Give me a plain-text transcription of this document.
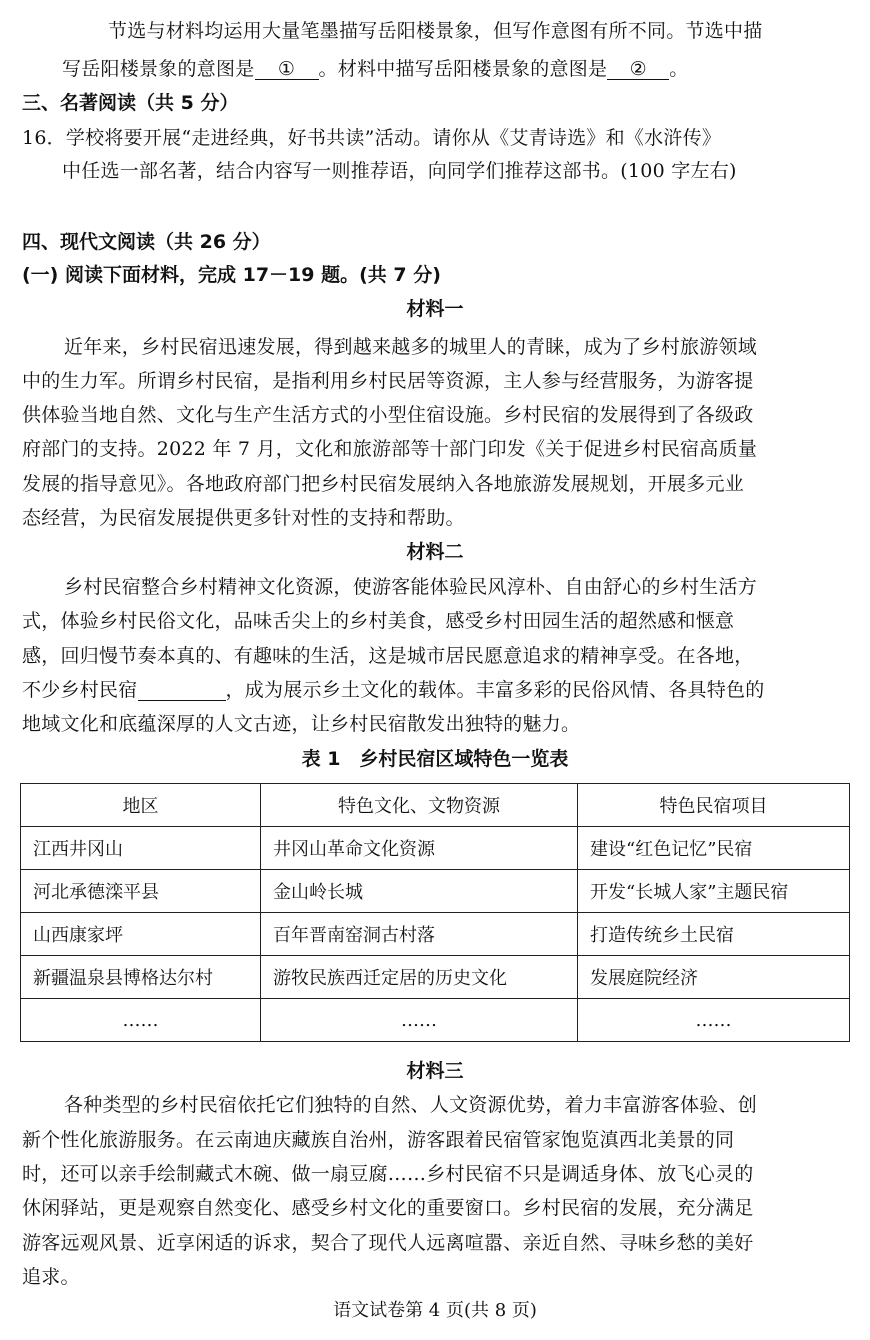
节选与材料均运用大量笔墨描写岳阳楼景象，但写作意图有所不同。节选中描
写岳阳楼景象的意图是 ① 。材料中描写岳阳楼景象的意图是 ② 。
三、名著阅读（共 5 分）
16．学校将要开展“走进经典，好书共读”活动。请你从《艾青诗选》和《水浒传》
中任选一部名著，结合内容写一则推荐语，向同学们推荐这部书。(100 字左右)
四、现代文阅读（共 26 分）
(一) 阅读下面材料，完成 17－19 题。(共 7 分)
材料一
近年来，乡村民宿迅速发展，得到越来越多的城里人的青睐，成为了乡村旅游领域
中的生力军。所谓乡村民宿，是指利用乡村民居等资源，主人参与经营服务，为游客提
供体验当地自然、文化与生产生活方式的小型住宿设施。乡村民宿的发展得到了各级政
府部门的支持。2022 年 7 月，文化和旅游部等十部门印发《关于促进乡村民宿高质量
发展的指导意见》。各地政府部门把乡村民宿发展纳入各地旅游发展规划，开展多元业
态经营，为民宿发展提供更多针对性的支持和帮助。
材料二
乡村民宿整合乡村精神文化资源，使游客能体验民风淳朴、自由舒心的乡村生活方
式，体验乡村民俗文化，品味舌尖上的乡村美食，感受乡村田园生活的超然感和惬意
感，回归慢节奏本真的、有趣味的生活，这是城市居民愿意追求的精神享受。在各地，
不少乡村民宿	，成为展示乡土文化的载体。丰富多彩的民俗风情、各具特色的
地域文化和底蕴深厚的人文古迹，让乡村民宿散发出独特的魅力。
表 1　乡村民宿区域特色一览表
地区	特色文化、文物资源	特色民宿项目
江西井冈山	井冈山革命文化资源	建设“红色记忆”民宿
河北承德滦平县	金山岭长城	开发“长城人家”主题民宿
山西康家坪	百年晋南窑洞古村落	打造传统乡土民宿
新疆温泉县博格达尔村	游牧民族西迁定居的历史文化	发展庭院经济
……	……	……
材料三
各种类型的乡村民宿依托它们独特的自然、人文资源优势，着力丰富游客体验、创
新个性化旅游服务。在云南迪庆藏族自治州，游客跟着民宿管家饱览滇西北美景的同
时，还可以亲手绘制藏式木碗、做一扇豆腐……乡村民宿不只是调适身体、放飞心灵的
休闲驿站，更是观察自然变化、感受乡村文化的重要窗口。乡村民宿的发展，充分满足
游客远观风景、近享闲适的诉求，契合了现代人远离喧嚣、亲近自然、寻味乡愁的美好
追求。
语文试卷第 4 页(共 8 页)
